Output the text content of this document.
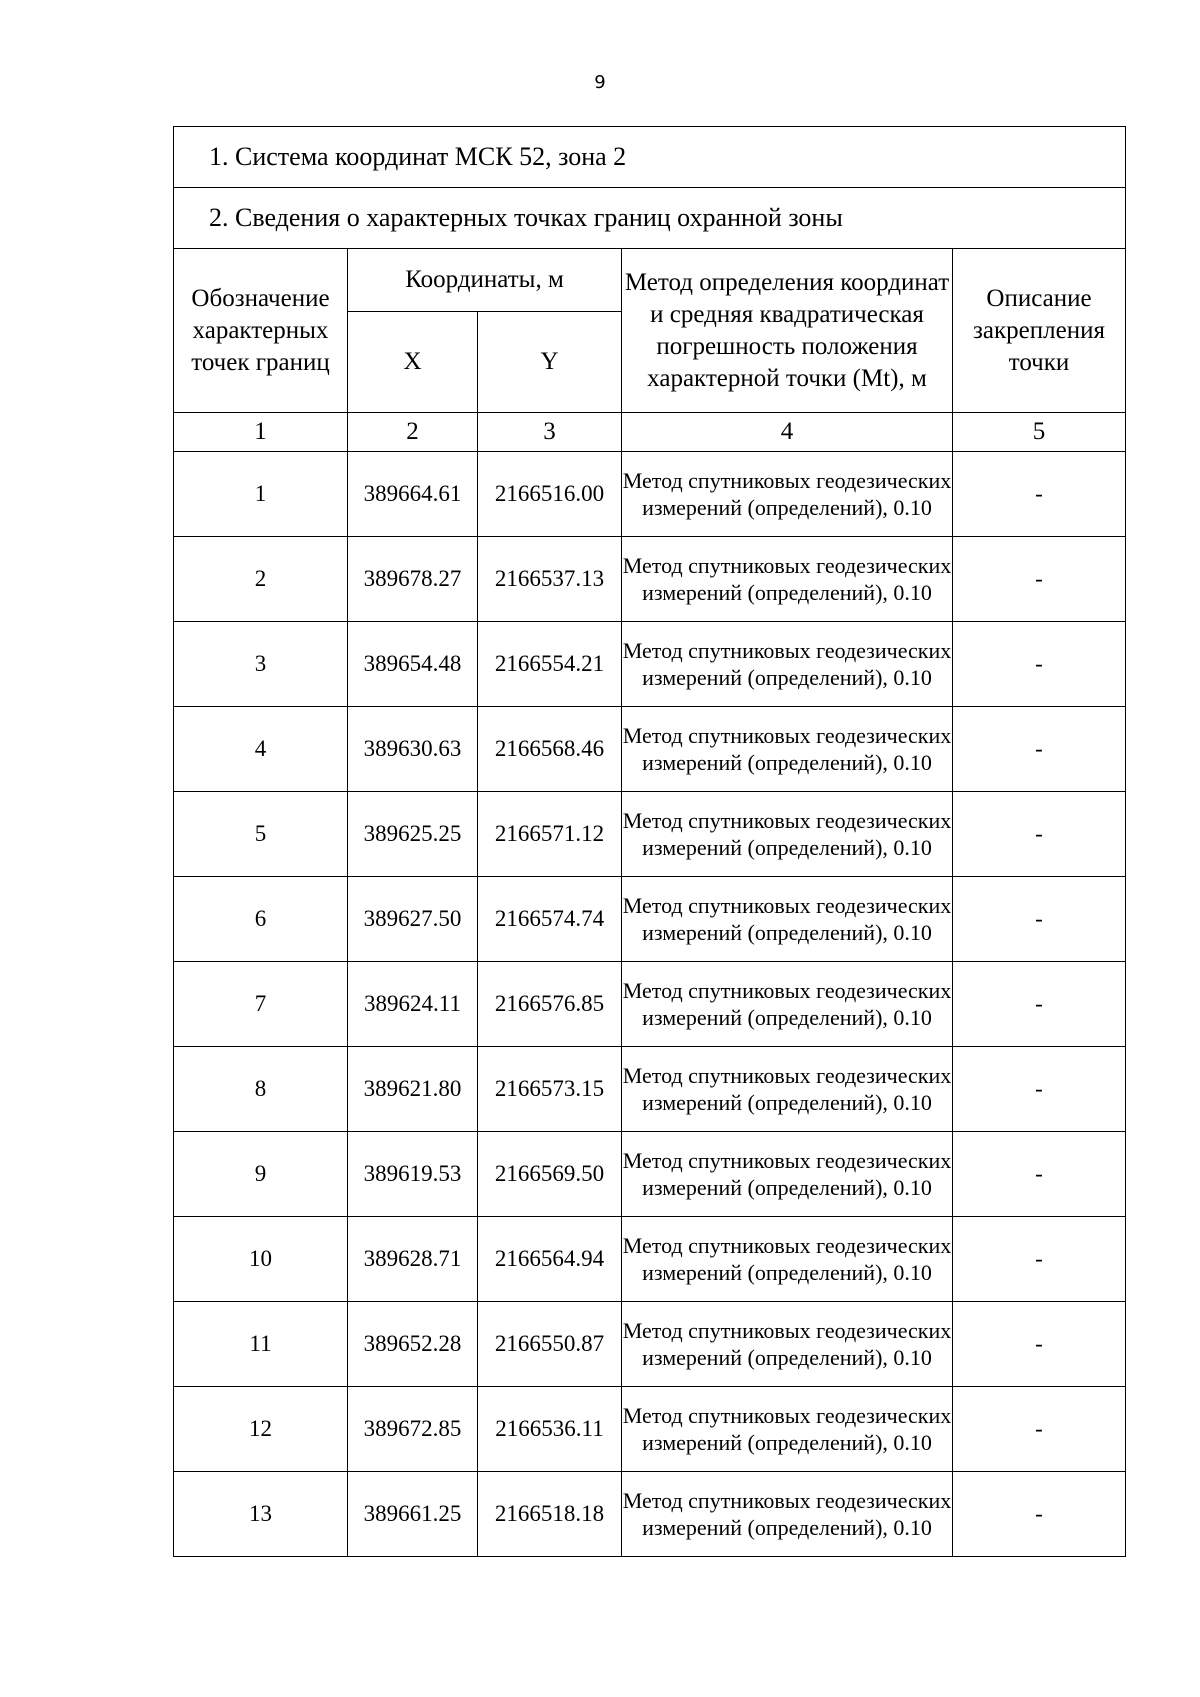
9
1. Система координат МСК 52, зона 2				
2. Сведения о характерных точках границ охранной зоны				
Обозначение характерных точек границ	Координаты, м		Метод определения координат и средняя квадратическая погрешность положения характерной точки (Mt), м	Описание закрепления точки
	X	Y		
1	2	3	4	5
1	389664.61	2166516.00	Метод спутниковых геодезических измерений (определений), 0.10	-
2	389678.27	2166537.13	Метод спутниковых геодезических измерений (определений), 0.10	-
3	389654.48	2166554.21	Метод спутниковых геодезических измерений (определений), 0.10	-
4	389630.63	2166568.46	Метод спутниковых геодезических измерений (определений), 0.10	-
5	389625.25	2166571.12	Метод спутниковых геодезических измерений (определений), 0.10	-
6	389627.50	2166574.74	Метод спутниковых геодезических измерений (определений), 0.10	-
7	389624.11	2166576.85	Метод спутниковых геодезических измерений (определений), 0.10	-
8	389621.80	2166573.15	Метод спутниковых геодезических измерений (определений), 0.10	-
9	389619.53	2166569.50	Метод спутниковых геодезических измерений (определений), 0.10	-
10	389628.71	2166564.94	Метод спутниковых геодезических измерений (определений), 0.10	-
11	389652.28	2166550.87	Метод спутниковых геодезических измерений (определений), 0.10	-
12	389672.85	2166536.11	Метод спутниковых геодезических измерений (определений), 0.10	-
13	389661.25	2166518.18	Метод спутниковых геодезических измерений (определений), 0.10	-
